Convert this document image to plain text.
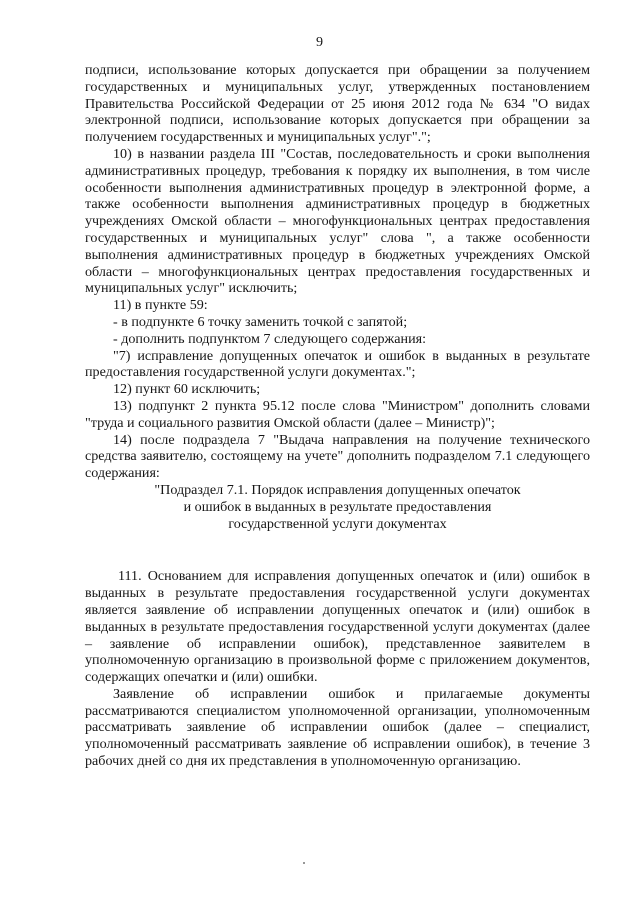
9

подписи, использование которых допускается при обращении за получением государственных и муниципальных услуг, утвержденных постановлением Правительства Российской Федерации от 25 июня 2012 года № 634 "О видах электронной подписи, использование которых допускается при обращении за получением государственных и муниципальных услуг".";

10) в названии раздела III "Состав, последовательность и сроки выполнения административных процедур, требования к порядку их выполнения, в том числе особенности выполнения административных процедур в электронной форме, а также особенности выполнения административных процедур в бюджетных учреждениях Омской области – многофункциональных центрах предоставления государственных и муниципальных услуг" слова ", а также особенности выполнения административных процедур в бюджетных учреждениях Омской области – многофункциональных центрах предоставления государственных и муниципальных услуг" исключить;

11) в пункте 59:

- в подпункте 6 точку заменить точкой с запятой;

- дополнить подпунктом 7 следующего содержания:

"7) исправление допущенных опечаток и ошибок в выданных в результате предоставления государственной услуги документах.";

12) пункт 60 исключить;

13) подпункт 2 пункта 95.12 после слова "Министром" дополнить словами "труда и социального развития Омской области (далее – Министр)";

14) после подраздела 7 "Выдача направления на получение технического средства заявителю, состоящему на учете" дополнить подразделом 7.1 следующего содержания:

"Подраздел 7.1. Порядок исправления допущенных опечаток

и ошибок в выданных в результате предоставления

государственной услуги документах

111. Основанием для исправления допущенных опечаток и (или) ошибок в выданных в результате предоставления государственной услуги документах является заявление об исправлении допущенных опечаток и (или) ошибок в выданных в результате предоставления государственной услуги документах (далее – заявление об исправлении ошибок), представленное заявителем в уполномоченную организацию в произвольной форме с приложением документов, содержащих опечатки и (или) ошибки.

Заявление об исправлении ошибок и прилагаемые документы рассматриваются специалистом уполномоченной организации, уполномоченным рассматривать заявление об исправлении ошибок (далее – специалист, уполномоченный рассматривать заявление об исправлении ошибок), в течение 3 рабочих дней со дня их представления в уполномоченную организацию.
